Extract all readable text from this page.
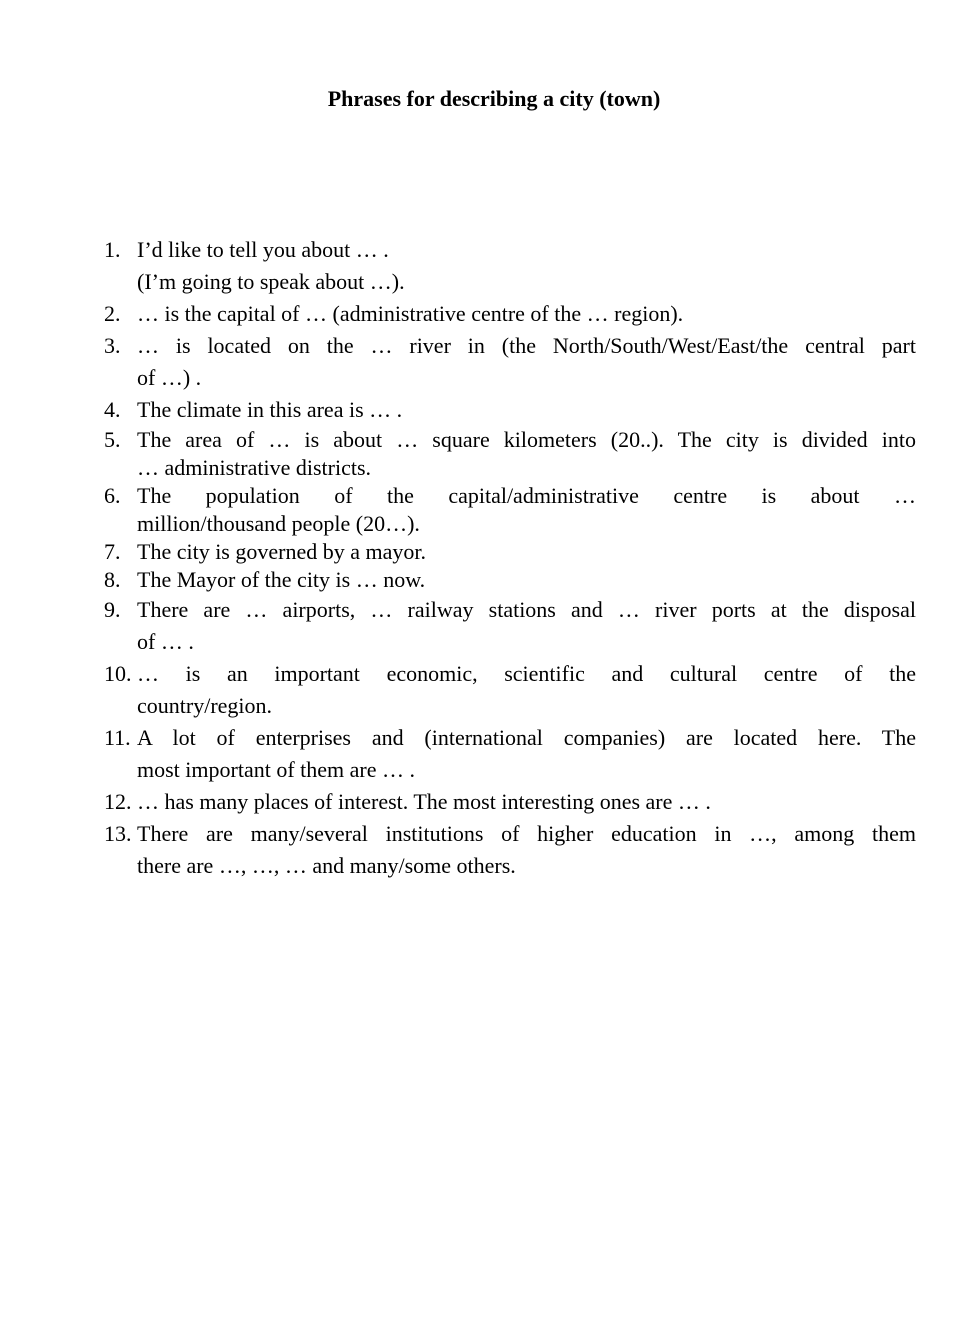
Phrases for describing a city (town)
1. I’d like to tell you about … .
(I’m going to speak about …).
2. … is the capital of … (administrative centre of the … region).
3. … is located on the … river in (the North/South/West/East/the central part
of …) .
4. The climate in this area is … .
5. The area of … is about … square kilometers (20..). The city is divided into
… administrative districts.
6. The population of the capital/administrative centre is about …
million/thousand people (20…).
7. The city is governed by a mayor.
8. The Mayor of the city is … now.
9. There are … airports, … railway stations and … river ports at the disposal
of … .
10. … is an important economic, scientific and cultural centre of the
country/region.
11. A lot of enterprises and (international companies) are located here. The
most important of them are … .
12. … has many places of interest. The most interesting ones are … .
13. There are many/several institutions of higher education in …, among them
there are …, …, … and many/some others.
